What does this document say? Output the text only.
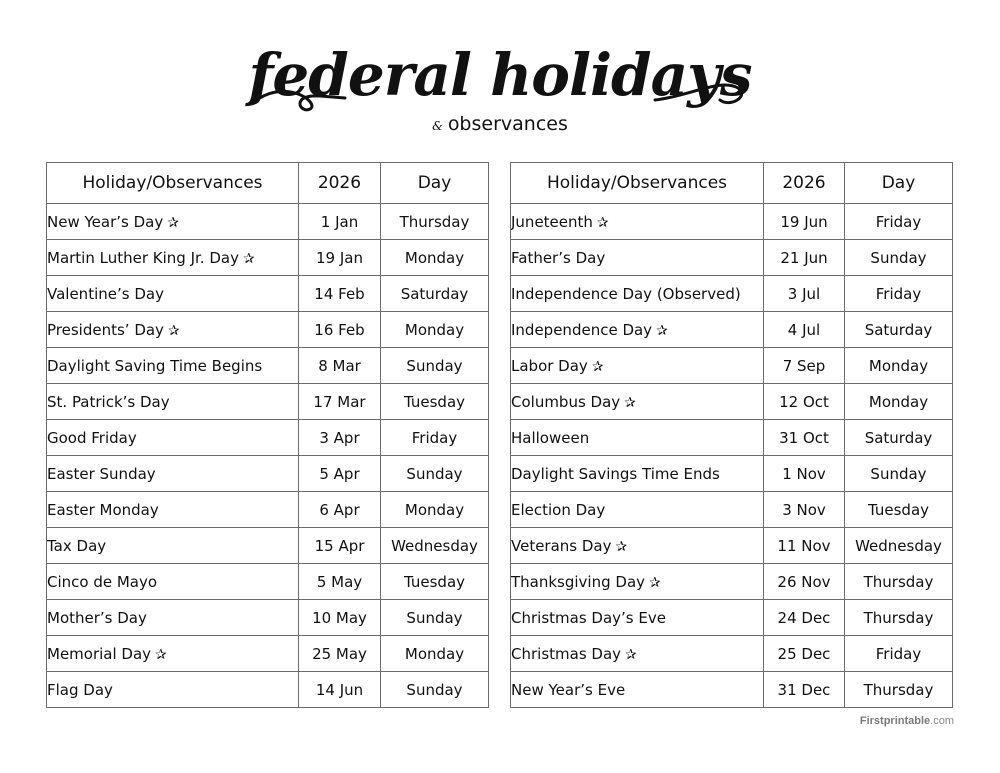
federal holidays
& observances
Holiday/Observances	2026	Day
New Year’s Day ✰	1 Jan	Thursday
Martin Luther King Jr. Day ✰	19 Jan	Monday
Valentine’s Day	14 Feb	Saturday
Presidents’ Day ✰	16 Feb	Monday
Daylight Saving Time Begins	8 Mar	Sunday
St. Patrick’s Day	17 Mar	Tuesday
Good Friday	3 Apr	Friday
Easter Sunday	5 Apr	Sunday
Easter Monday	6 Apr	Monday
Tax Day	15 Apr	Wednesday
Cinco de Mayo	5 May	Tuesday
Mother’s Day	10 May	Sunday
Memorial Day ✰	25 May	Monday
Flag Day	14 Jun	Sunday
Holiday/Observances	2026	Day
Juneteenth ✰	19 Jun	Friday
Father’s Day	21 Jun	Sunday
Independence Day (Observed)	3 Jul	Friday
Independence Day ✰	4 Jul	Saturday
Labor Day ✰	7 Sep	Monday
Columbus Day ✰	12 Oct	Monday
Halloween	31 Oct	Saturday
Daylight Savings Time Ends	1 Nov	Sunday
Election Day	3 Nov	Tuesday
Veterans Day ✰	11 Nov	Wednesday
Thanksgiving Day ✰	26 Nov	Thursday
Christmas Day’s Eve	24 Dec	Thursday
Christmas Day ✰	25 Dec	Friday
New Year’s Eve	31 Dec	Thursday
Firstprintable.com
